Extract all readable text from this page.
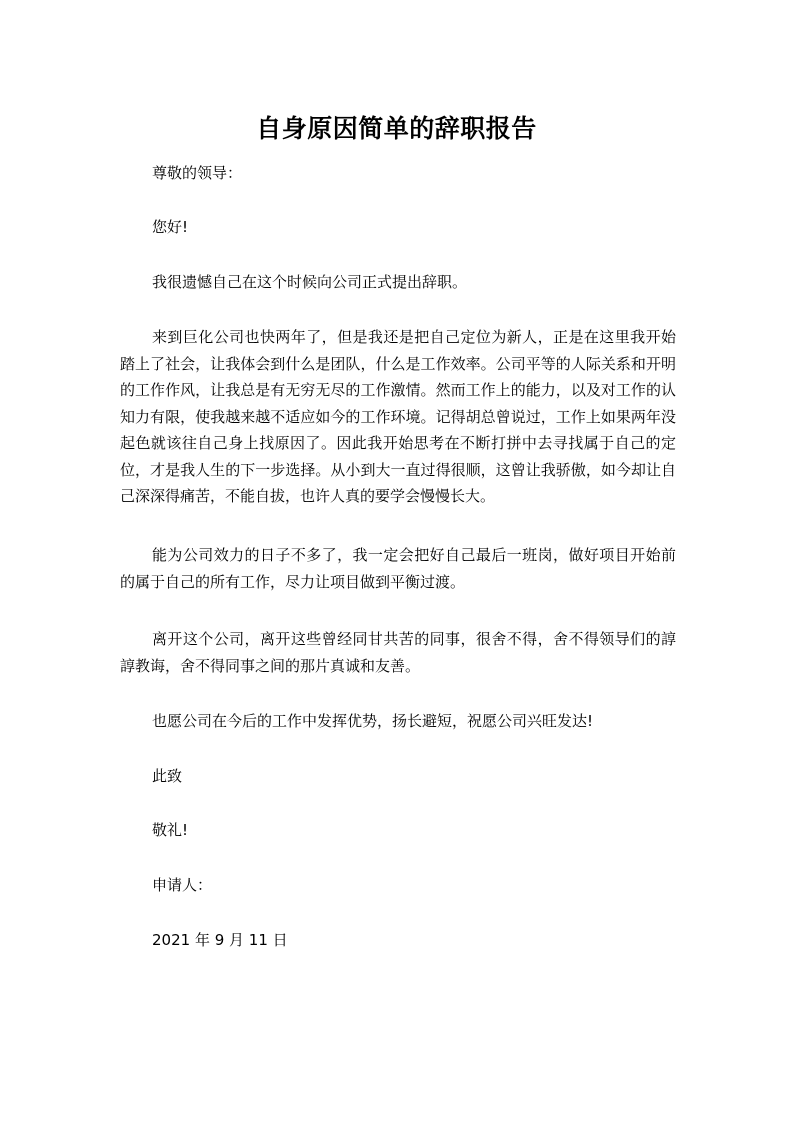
自身原因简单的辞职报告

尊敬的领导：

您好!

我很遗憾自己在这个时候向公司正式提出辞职。

来到巨化公司也快两年了，但是我还是把自己定位为新人，正是在这里我开始踏上了社会，让我体会到什么是团队，什么是工作效率。公司平等的人际关系和开明的工作作风，让我总是有无穷无尽的工作激情。然而工作上的能力，以及对工作的认知力有限，使我越来越不适应如今的工作环境。记得胡总曾说过，工作上如果两年没起色就该往自己身上找原因了。因此我开始思考在不断打拼中去寻找属于自己的定位，才是我人生的下一步选择。从小到大一直过得很顺，这曾让我骄傲，如今却让自己深深得痛苦，不能自拔，也许人真的要学会慢慢长大。

能为公司效力的日子不多了，我一定会把好自己最后一班岗，做好项目开始前的属于自己的所有工作，尽力让项目做到平衡过渡。

离开这个公司，离开这些曾经同甘共苦的同事，很舍不得，舍不得领导们的諄諄教诲，舍不得同事之间的那片真诚和友善。

也愿公司在今后的工作中发挥优势，扬长避短，祝愿公司兴旺发达!

此致

敬礼!

申请人：

2021 年 9 月 11 日
